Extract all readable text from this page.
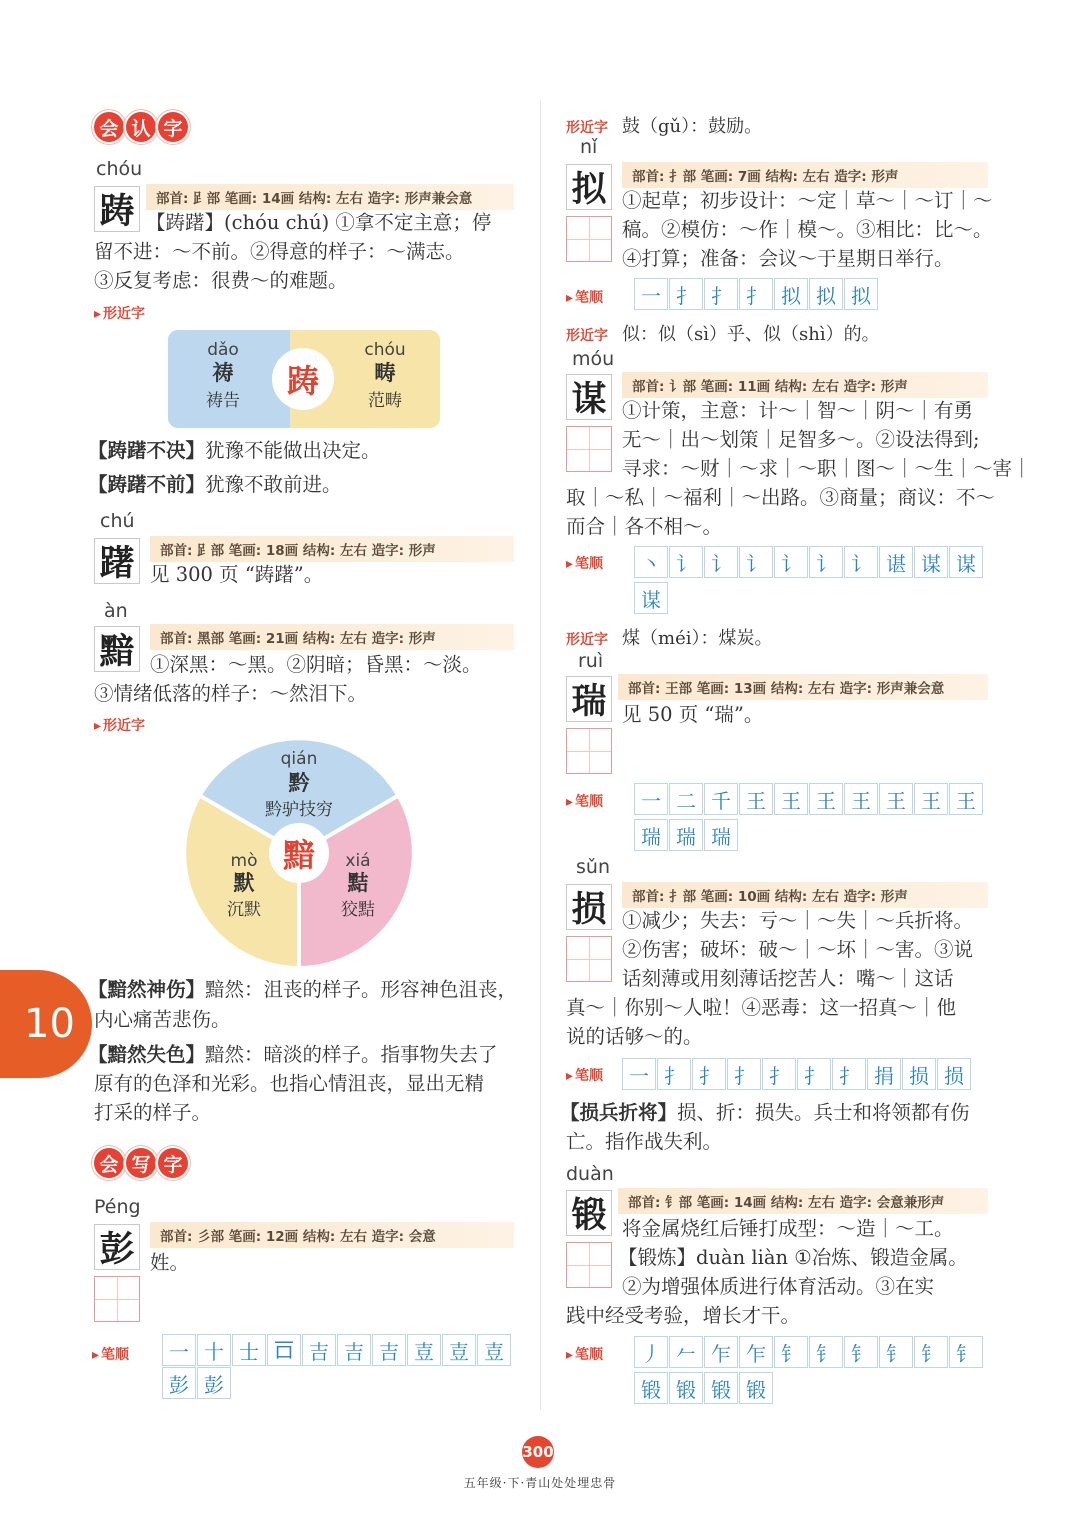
会 认 字
chóu
踌	部首: 𧾷部 笔画: 14画 结构: 左右 造字: 形声兼会意
【踌躇】(chóu chú) ①拿不定主意；停
留不进：～不前。②得意的样子：～满志。
③反复考虑：很费～的难题。
▸ 形近字
dǎo
祷
祷告
踌
chóu
畴
范畴
【踌躇不决】犹豫不能做出决定。
【踌躇不前】犹豫不敢前进。
chú
躇	部首: 𧾷部 笔画: 18画 结构: 左右 造字: 形声
见 300 页 “踌躇”。
àn
黯	部首: 黑部 笔画: 21画 结构: 左右 造字: 形声
①深黑：～黑。②阴暗；昏黑：～淡。
③情绪低落的样子：～然泪下。
▸ 形近字
黯
qián
黔
黔驴技穷
mò
默
沉默
xiá
黠
狡黠
10
【黯然神伤】黯然：沮丧的样子。形容神色沮丧，
内心痛苦悲伤。
【黯然失色】黯然：暗淡的样子。指事物失去了
原有的色泽和光彩。也指心情沮丧，显出无精
打采的样子。
会 写 字
Péng
彭	部首: 彡部 笔画: 12画 结构: 左右 造字: 会意
姓。
▸ 笔顺	一 十 士 𠮛 吉 吉 吉 壴 壴 壴
彭 彭
形近字 鼓（gǔ）：鼓励。
nǐ
拟	部首: 扌部 笔画: 7画 结构: 左右 造字: 形声
①起草；初步设计：～定｜草～｜～订｜～
稿。②模仿：～作｜模～。③相比：比～。
④打算；准备：会议～于星期日举行。
▸ 笔顺	一 扌 扌 扌 拟 拟 拟
形近字 似：似（sì）乎、似（shì）的。
móu
谋	部首: 讠部 笔画: 11画 结构: 左右 造字: 形声
①计策，主意：计～｜智～｜阴～｜有勇
无～｜出～划策｜足智多～。②设法得到;
寻求：～财｜～求｜～职｜图～｜～生｜～害｜
取｜～私｜～福利｜～出路。③商量；商议：不～
而合｜各不相～。
▸ 笔顺	丶 讠 讠 讠 讠 讠 讠 谌 谋 谋
谋
形近字 煤（méi）：煤炭。
ruì
瑞	部首: 王部 笔画: 13画 结构: 左右 造字: 形声兼会意
见 50 页 “瑞”。
▸ 笔顺	一 二 千 王 王 王 王 王 王 王
瑞 瑞 瑞
sǔn
损	部首: 扌部 笔画: 10画 结构: 左右 造字: 形声
①减少；失去：亏～｜～失｜～兵折将。
②伤害；破坏：破～｜～坏｜～害。③说
话刻薄或用刻薄话挖苦人：嘴～｜这话
真～｜你别～人啦！④恶毒：这一招真～｜他
说的话够～的。
▸ 笔顺	一 扌 扌 扌 扌 扌 扌 捐 损 损
【损兵折将】损、折：损失。兵士和将领都有伤
亡。指作战失利。
duàn
锻	部首: 钅部 笔画: 14画 结构: 左右 造字: 会意兼形声
将金属烧红后锤打成型：～造｜～工。
【锻炼】duàn liàn ①冶炼、锻造金属。
②为增强体质进行体育活动。③在实
践中经受考验，增长才干。
▸ 笔顺	丿 𠂉 乍 乍 钅 钅 钅 钅 钅 钅
锻 锻 锻 锻
300
五年级·下·青山处处埋忠骨
